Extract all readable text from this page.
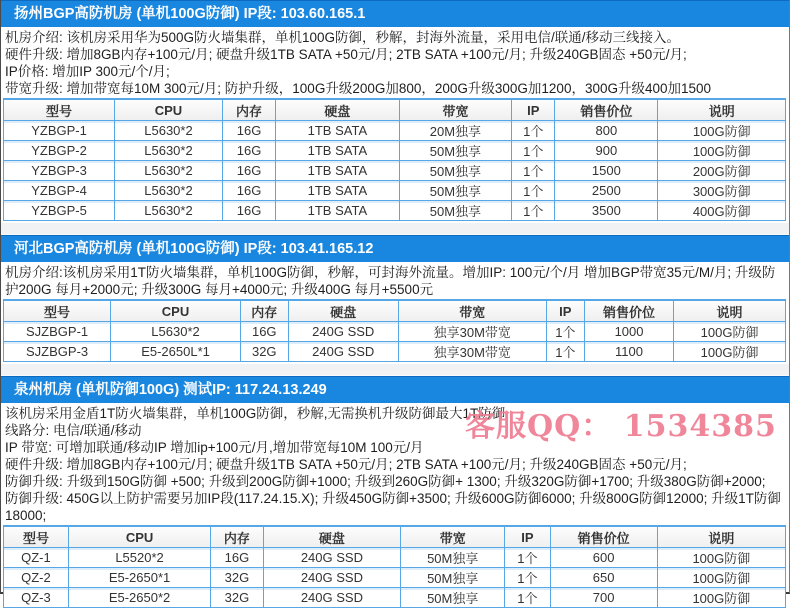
扬州BGP高防机房 (单机100G防御) IP段: 103.60.165.1
机房介绍: 该机房采用华为500G防火墙集群，单机100G防御，秒解，封海外流量，采用电信/联通/移动三线接入。
硬件升级: 增加8GB内存+100元/月; 硬盘升级1TB SATA +50元/月; 2TB SATA +100元/月; 升级240GB固态 +50元/月;
IP价格: 增加IP 300元/个/月;
带宽升级: 增加带宽每10M 300元/月; 防护升级，100G升级200G加800，200G升级300G加1200，300G升级400加1500
型号	CPU	内存	硬盘	带宽	IP	销售价位	说明
YZBGP-1	L5630*2	16G	1TB SATA	20M独享	1个	800	100G防御
YZBGP-2	L5630*2	16G	1TB SATA	50M独享	1个	900	100G防御
YZBGP-3	L5630*2	16G	1TB SATA	50M独享	1个	1500	200G防御
YZBGP-4	L5630*2	16G	1TB SATA	50M独享	1个	2500	300G防御
YZBGP-5	L5630*2	16G	1TB SATA	50M独享	1个	3500	400G防御
河北BGP高防机房 (单机100G防御) IP段: 103.41.165.12
机房介绍:该机房采用1T防火墙集群，单机100G防御，秒解，可封海外流量。增加IP: 100元/个/月 增加BGP带宽35元/M/月; 升级防护200G 每月+2000元; 升级300G 每月+4000元; 升级400G 每月+5500元
型号	CPU	内存	硬盘	带宽	IP	销售价位	说明
SJZBGP-1	L5630*2	16G	240G SSD	独享30M带宽	1个	1000	100G防御
SJZBGP-3	E5-2650L*1	32G	240G SSD	独享30M带宽	1个	1100	100G防御
泉州机房 (单机防御100G) 测试IP: 117.24.13.249
该机房采用金盾1T防火墙集群，单机100G防御，秒解,无需换机升级防御最大1T防御
线路分: 电信/联通/移动
IP 带宽: 可增加联通/移动IP 增加ip+100元/月,增加带宽每10M 100元/月
硬件升级: 增加8GB内存+100元/月; 硬盘升级1TB SATA +50元/月; 2TB SATA +100元/月; 升级240GB固态 +50元/月;
防御升级: 升级到150G防御 +500; 升级到200G防御+1000; 升级到260G防御+ 1300; 升级320G防御+1700; 升级380G防御+2000;
防御升级: 450G以上防护需要另加IP段(117.24.15.X); 升级450G防御+3500; 升级600G防御6000; 升级800G防御12000; 升级1T防御18000;
型号	CPU	内存	硬盘	带宽	IP	销售价位	说明
QZ-1	L5520*2	16G	240G SSD	50M独享	1个	600	100G防御
QZ-2	E5-2650*1	32G	240G SSD	50M独享	1个	650	100G防御
QZ-3	E5-2650*2	32G	240G SSD	50M独享	1个	700	100G防御
客服QQ： 1534385
